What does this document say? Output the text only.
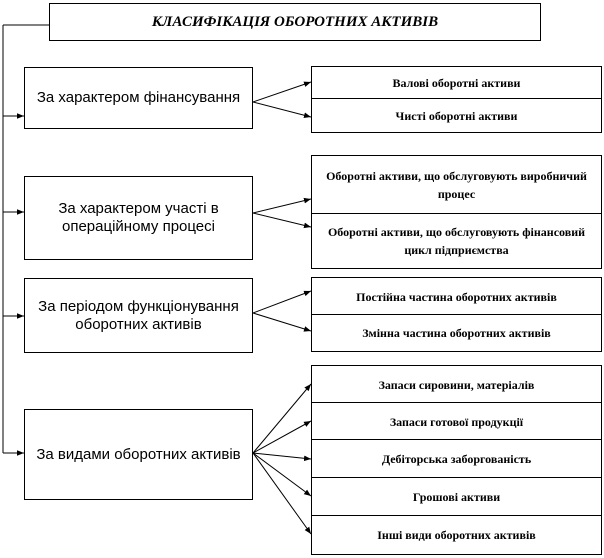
КЛАСИФІКАЦІЯ ОБОРОТНИХ АКТИВІВ
За характером фінансування
Валові оборотні активи
Чисті оборотні активи
За характером участі в операційному процесі
Оборотні активи, що обслуговують виробничий процес
Оборотні активи, що обслуговують фінансовий цикл підприємства
За періодом функціонування оборотних активів
Постійна частина оборотних активів
Змінна частина оборотних активів
За видами оборотних активів
Запаси сировини, матеріалів
Запаси готової продукції
Дебіторська заборгованість
Грошові активи
Інші види оборотних активів
